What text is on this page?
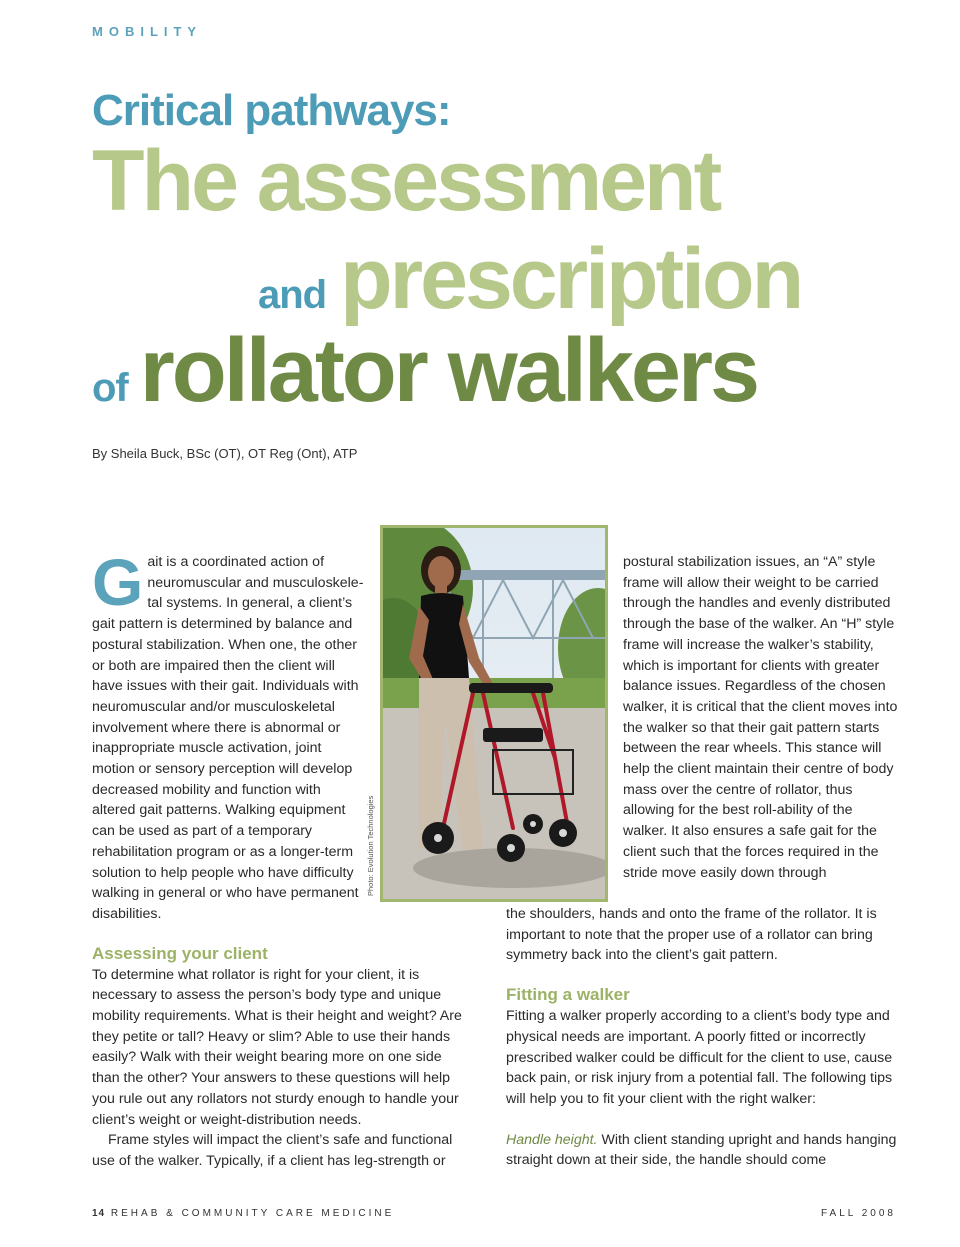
MOBILITY
Critical pathways:
The assessment
and prescription
of rollator walkers
By Sheila Buck, BSc (OT), OT Reg (Ont), ATP
G ait is a coordinated action of neuromuscular and musculoskeletal systems. In general, a client’s gait pattern is determined by balance and postural stabilization. When one, the other or both are impaired then the client will have issues with their gait. Individuals with neuromuscular and/or musculoskeletal involvement where there is abnormal or inappropriate muscle activation, joint motion or sensory perception will develop decreased mobility and function with altered gait patterns. Walking equipment can be used as part of a temporary rehabilitation program or as a longer-term solution to help people who have difficulty walking in general or who have permanent disabilities.

Assessing your client

To determine what rollator is right for your client, it is necessary to assess the person’s body type and unique mobility requirements. What is their height and weight? Are they petite or tall? Heavy or slim? Able to use their hands easily? Walk with their weight bearing more on one side than the other? Your answers to these questions will help you rule out any rollators not sturdy enough to handle your client’s weight or weight-distribution needs.

Frame styles will impact the client’s safe and functional use of the walker. Typically, if a client has leg-strength or

Photo: Evolution Technologies

postural stabilization issues, an “A” style frame will allow their weight to be carried through the handles and evenly distributed through the base of the walker. An “H” style frame will increase the walker’s stability, which is important for clients with greater balance issues. Regardless of the chosen walker, it is critical that the client moves into the walker so that their gait pattern starts between the rear wheels. This stance will help the client maintain their centre of body mass over the centre of rollator, thus allowing for the best roll-ability of the walker. It also ensures a safe gait for the client such that the forces required in the stride move easily down through

the shoulders, hands and onto the frame of the rollator. It is important to note that the proper use of a rollator can bring symmetry back into the client’s gait pattern.

Fitting a walker

Fitting a walker properly according to a client’s body type and physical needs are important. A poorly fitted or incorrectly prescribed walker could be difficult for the client to use, cause back pain, or risk injury from a potential fall. The following tips will help you to fit your client with the right walker:

Handle height. With client standing upright and hands hanging straight down at their side, the handle should come

14 REHAB & COMMUNITY CARE MEDICINE	FALL 2008
